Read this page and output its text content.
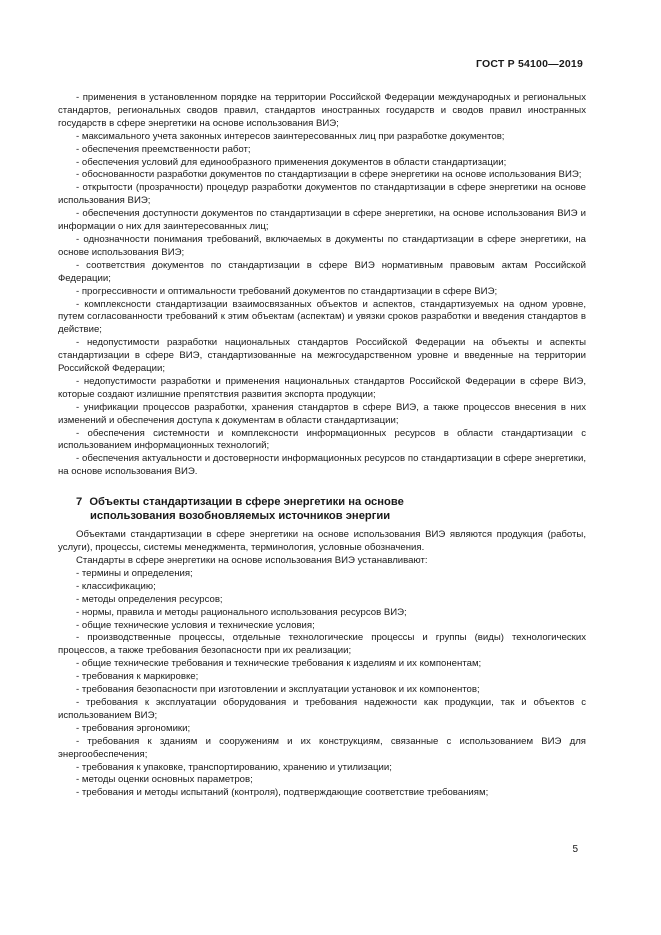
ГОСТ Р 54100—2019

- применения в установленном порядке на территории Российской Федерации международных и региональных стандартов, региональных сводов правил, стандартов иностранных государств и сводов правил иностранных государств в сфере энергетики на основе использования ВИЭ;

- максимального учета законных интересов заинтересованных лиц при разработке документов;

- обеспечения преемственности работ;

- обеспечения условий для единообразного применения документов в области стандартизации;

- обоснованности разработки документов по стандартизации в сфере энергетики на основе использования ВИЭ;

- открытости (прозрачности) процедур разработки документов по стандартизации в сфере энергетики на основе использования ВИЭ;

- обеспечения доступности документов по стандартизации в сфере энергетики, на основе использования ВИЭ и информации о них для заинтересованных лиц;

- однозначности понимания требований, включаемых в документы по стандартизации в сфере энергетики, на основе использования ВИЭ;

- соответствия документов по стандартизации в сфере ВИЭ нормативным правовым актам Российской Федерации;

- прогрессивности и оптимальности требований документов по стандартизации в сфере ВИЭ;

- комплексности стандартизации взаимосвязанных объектов и аспектов, стандартизуемых на одном уровне, путем согласованности требований к этим объектам (аспектам) и увязки сроков разработки и введения стандартов в действие;

- недопустимости разработки национальных стандартов Российской Федерации на объекты и аспекты стандартизации в сфере ВИЭ, стандартизованные на межгосударственном уровне и введенные на территории Российской Федерации;

- недопустимости разработки и применения национальных стандартов Российской Федерации в сфере ВИЭ, которые создают излишние препятствия развития экспорта продукции;

- унификации процессов разработки, хранения стандартов в сфере ВИЭ, а также процессов внесения в них изменений и обеспечения доступа к документам в области стандартизации;

- обеспечения системности и комплексности информационных ресурсов в области стандартизации с использованием информационных технологий;

- обеспечения актуальности и достоверности информационных ресурсов по стандартизации в сфере энергетики, на основе использования ВИЭ.

7 Объекты стандартизации в сфере энергетики на основе
использования возобновляемых источников энергии

Объектами стандартизации в сфере энергетики на основе использования ВИЭ являются продукция (работы, услуги), процессы, системы менеджмента, терминология, условные обозначения.

Стандарты в сфере энергетики на основе использования ВИЭ устанавливают:

- термины и определения;

- классификацию;

- методы определения ресурсов;

- нормы, правила и методы рационального использования ресурсов ВИЭ;

- общие технические условия и технические условия;

- производственные процессы, отдельные технологические процессы и группы (виды) технологических процессов, а также требования безопасности при их реализации;

- общие технические требования и технические требования к изделиям и их компонентам;

- требования к маркировке;

- требования безопасности при изготовлении и эксплуатации установок и их компонентов;

- требования к эксплуатации оборудования и требования надежности как продукции, так и объектов с использованием ВИЭ;

- требования эргономики;

- требования к зданиям и сооружениям и их конструкциям, связанные с использованием ВИЭ для энергообеспечения;

- требования к упаковке, транспортированию, хранению и утилизации;

- методы оценки основных параметров;

- требования и методы испытаний (контроля), подтверждающие соответствие требованиям;

5
